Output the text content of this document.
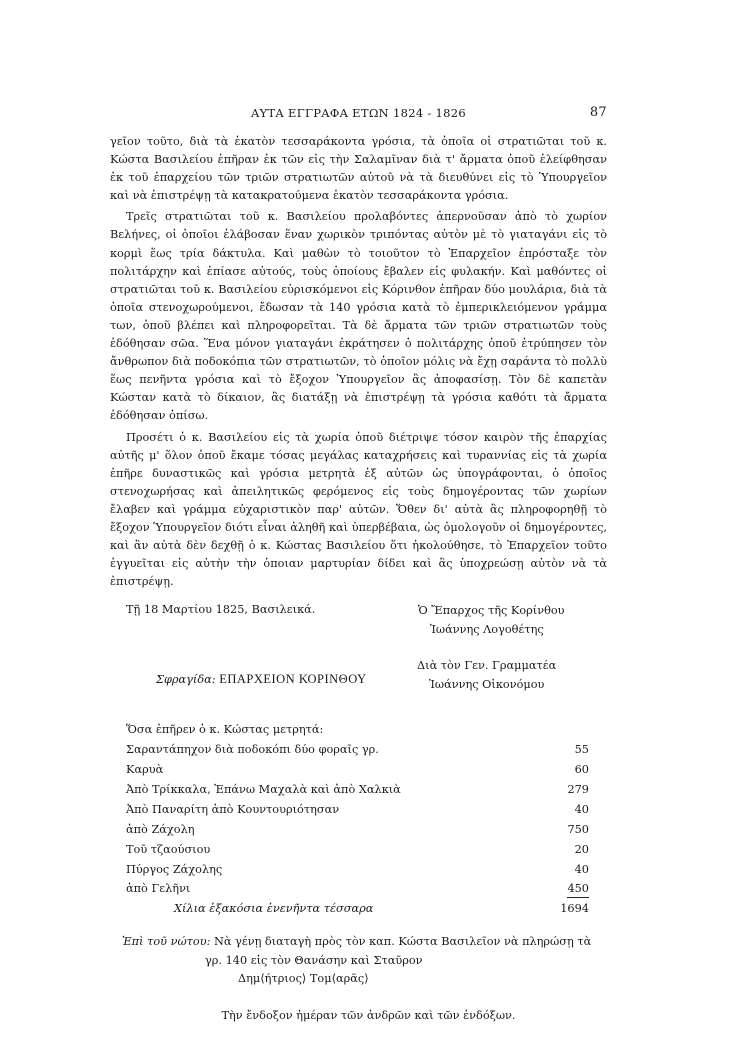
ΑΥΤΑ ΕΓΓΡΑΦΑ ΕΤΩΝ 1824 - 1826	87

γεῖον τοῦτο, διὰ τὰ ἑκατὸν τεσσαράκοντα γρόσια, τὰ ὁποῖα οἱ στρατιῶται τοῦ κ. Κώστα Βασιλείου ἐπῆραν ἐκ τῶν εἰς τὴν Σαλαμῖναν διὰ τ' ἄρματα ὁποῦ ἐλείφθησαν ἐκ τοῦ ἐπαρχείου τῶν τριῶν στρατιωτῶν αὐτοῦ νὰ τὰ διευθύνει εἰς τὸ Ὑπουργεῖον καὶ νὰ ἐπιστρέψῃ τὰ κατακρατούμενα ἑκατὸν τεσσαράκοντα γρόσια.

Τρεῖς στρατιῶται τοῦ κ. Βασιλείου προλαβόντες ἀπερνοῦσαν ἀπὸ τὸ χωρίον Βελήνες, οἱ ὁποῖοι ἐλάβοσαν ἕναν χωρικὸν τριπόντας αὐτὸν μὲ τὸ γιαταγάνι εἰς τὸ κορμὶ ἕως τρία δάκτυλα. Καὶ μαθὼν τὸ τοιοῦτον τὸ Ἐπαρχεῖον ἐπρόσταξε τὸν πολιτάρχην καὶ ἐπίασε αὐτούς, τοὺς ὁποίους ἔβαλεν εἰς φυλακήν. Καὶ μαθόντες οἱ στρατιῶται τοῦ κ. Βασιλείου εὑρισκόμενοι εἰς Κόρινθον ἐπῆραν δύο μουλάρια, διὰ τὰ ὁποῖα στενοχωρούμενοι, ἔδωσαν τὰ 140 γρόσια κατὰ τὸ ἐμπερικλειόμενον γράμμα των, ὁποῦ βλέπει καὶ πληροφορεῖται. Τὰ δὲ ἄρματα τῶν τριῶν στρατιωτῶν τοὺς ἐδόθησαν σῶα. Ἕνα μόνον γιαταγάνι ἐκράτησεν ὁ πολιτάρχης ὁποῦ ἐτρύπησεν τὸν ἄνθρωπον διὰ ποδοκόπια τῶν στρατιωτῶν, τὸ ὁποῖον μόλις νὰ ἔχῃ σαράντα τὸ πολλὺ ἕως πενῆντα γρόσια καὶ τὸ ἔξοχον Ὑπουργεῖον ἂς ἀποφασίσῃ. Τὸν δὲ καπετὰν Κώσταν κατὰ τὸ δίκαιον, ἂς διατάξῃ νὰ ἐπιστρέψῃ τὰ γρόσια καθότι τὰ ἄρματα ἐδόθησαν ὀπίσω.

Προσέτι ὁ κ. Βασιλείου εἰς τὰ χωρία ὁποῦ διέτριψε τόσον καιρὸν τῆς ἐπαρχίας αὐτῆς μ' ὅλον ὁποῦ ἔκαμε τόσας μεγάλας καταχρήσεις καὶ τυραννίας εἰς τὰ χωρία ἐπῆρε δυναστικῶς καὶ γρόσια μετρητὰ ἐξ αὐτῶν ὡς ὑπογράφονται, ὁ ὁποῖος στενοχωρήσας καὶ ἀπειλητικῶς φερόμενος εἰς τοὺς δημογέροντας τῶν χωρίων ἔλαβεν καὶ γράμμα εὐχαριστικὸν παρ' αὐτῶν. Ὅθεν δι' αὐτὰ ἂς πληροφορηθῇ τὸ ἔξοχον Ὑπουργεῖον διότι εἶναι ἀληθῆ καὶ ὑπερβέβαια, ὡς ὁμολογοῦν οἱ δημογέροντες, καὶ ἂν αὐτὰ δὲν δεχθῇ ὁ κ. Κώστας Βασιλείου ὅτι ἠκολούθησε, τὸ Ἐπαρχεῖον τοῦτο ἐγγυεῖται εἰς αὐτὴν τὴν ὁποιαν μαρτυρίαν δίδει καὶ ἂς ὑποχρεώσῃ αὐτὸν νὰ τὰ ἐπιστρέψῃ.

Τῇ 18 Μαρτίου 1825, Βασιλεικά.	Ὁ Ἔπαρχος τῆς Κορίνθου
Ἰωάννης Λογοθέτης
Διὰ τὸν Γεν. Γραμματέα
Ἰωάννης Οἰκονόμου
Σφραγίδα: ΕΠΑΡΧΕΙΟΝ ΚΟΡΙΝΘΟΥ
Ὅσα ἐπῆρεν ὁ κ. Κώστας μετρητά:
Σαραντάπηχον διὰ ποδοκόπι δύο φοραῖς γρ.	55
Καρυὰ	60
Ἀπὸ Τρίκκαλα, Ἐπάνω Μαχαλὰ καὶ ἀπὸ Χαλκιὰ	279
Ἀπὸ Παναρίτη ἀπὸ Κουντουριότησαν	40
ἀπὸ Ζάχολη	750
Τοῦ τζαούσιου	20
Πύργος Ζάχολης	40
ἀπὸ Γελῆνι	450
Χίλια ἑξακόσια ἐνενῆντα τέσσαρα	1694
Ἐπὶ τοῦ νώτου: Νὰ γένῃ διαταγὴ πρὸς τὸν καπ. Κώστα Βασιλεῖον νὰ πληρώσῃ τὰ
γρ. 140 εἰς τὸν Θανάσην καὶ Σταῦρον
Δημ⟨ήτριος⟩ Τομ⟨αρᾶς⟩
Τὴν ἔνδοξον ἡμέραν τῶν ἀνδρῶν καὶ τῶν ἐνδόξων.
